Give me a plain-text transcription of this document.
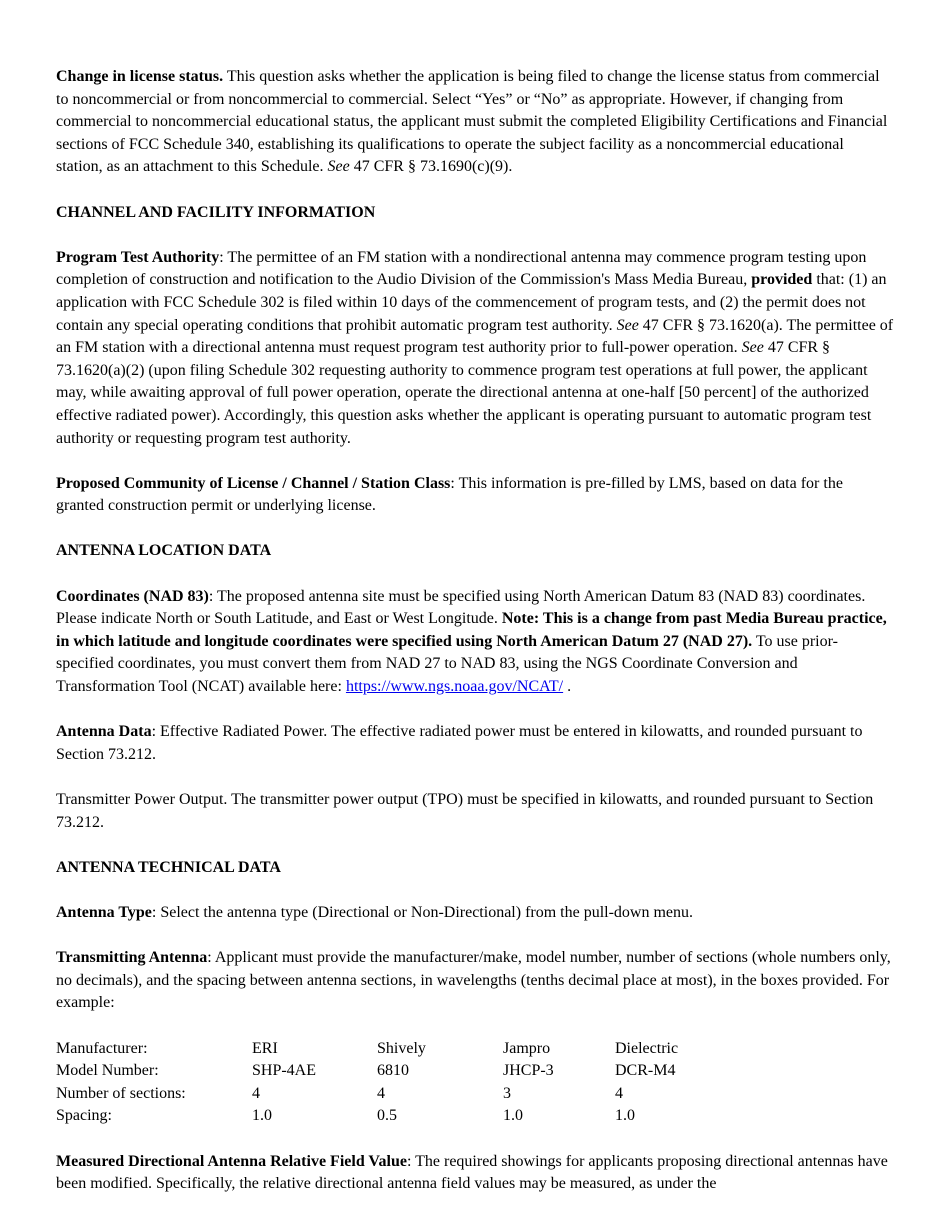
Change in license status. This question asks whether the application is being filed to change the license status from commercial to noncommercial or from noncommercial to commercial. Select “Yes” or “No” as appropriate. However, if changing from commercial to noncommercial educational status, the applicant must submit the completed Eligibility Certifications and Financial sections of FCC Schedule 340, establishing its qualifications to operate the subject facility as a noncommercial educational station, as an attachment to this Schedule. See 47 CFR § 73.1690(c)(9).

CHANNEL AND FACILITY INFORMATION

Program Test Authority: The permittee of an FM station with a nondirectional antenna may commence program testing upon completion of construction and notification to the Audio Division of the Commission's Mass Media Bureau, provided that: (1) an application with FCC Schedule 302 is filed within 10 days of the commencement of program tests, and (2) the permit does not contain any special operating conditions that prohibit automatic program test authority. See 47 CFR § 73.1620(a). The permittee of an FM station with a directional antenna must request program test authority prior to full-power operation. See 47 CFR § 73.1620(a)(2) (upon filing Schedule 302 requesting authority to commence program test operations at full power, the applicant may, while awaiting approval of full power operation, operate the directional antenna at one-half [50 percent] of the authorized effective radiated power). Accordingly, this question asks whether the applicant is operating pursuant to automatic program test authority or requesting program test authority.

Proposed Community of License / Channel / Station Class: This information is pre-filled by LMS, based on data for the granted construction permit or underlying license.

ANTENNA LOCATION DATA

Coordinates (NAD 83): The proposed antenna site must be specified using North American Datum 83 (NAD 83) coordinates. Please indicate North or South Latitude, and East or West Longitude. Note: This is a change from past Media Bureau practice, in which latitude and longitude coordinates were specified using North American Datum 27 (NAD 27). To use prior-specified coordinates, you must convert them from NAD 27 to NAD 83, using the NGS Coordinate Conversion and Transformation Tool (NCAT) available here: https://www.ngs.noaa.gov/NCAT/ .

Antenna Data: Effective Radiated Power. The effective radiated power must be entered in kilowatts, and rounded pursuant to Section 73.212.

Transmitter Power Output. The transmitter power output (TPO) must be specified in kilowatts, and rounded pursuant to Section 73.212.

ANTENNA TECHNICAL DATA

Antenna Type: Select the antenna type (Directional or Non-Directional) from the pull-down menu.

Transmitting Antenna: Applicant must provide the manufacturer/make, model number, number of sections (whole numbers only, no decimals), and the spacing between antenna sections, in wavelengths (tenths decimal place at most), in the boxes provided. For example:

Manufacturer:	ERI	Shively	Jampro	Dielectric
Model Number:	SHP-4AE	6810	JHCP-3	DCR-M4
Number of sections:	4	4	3	4
Spacing:	1.0	0.5	1.0	1.0

Measured Directional Antenna Relative Field Value: The required showings for applicants proposing directional antennas have been modified. Specifically, the relative directional antenna field values may be measured, as under the
